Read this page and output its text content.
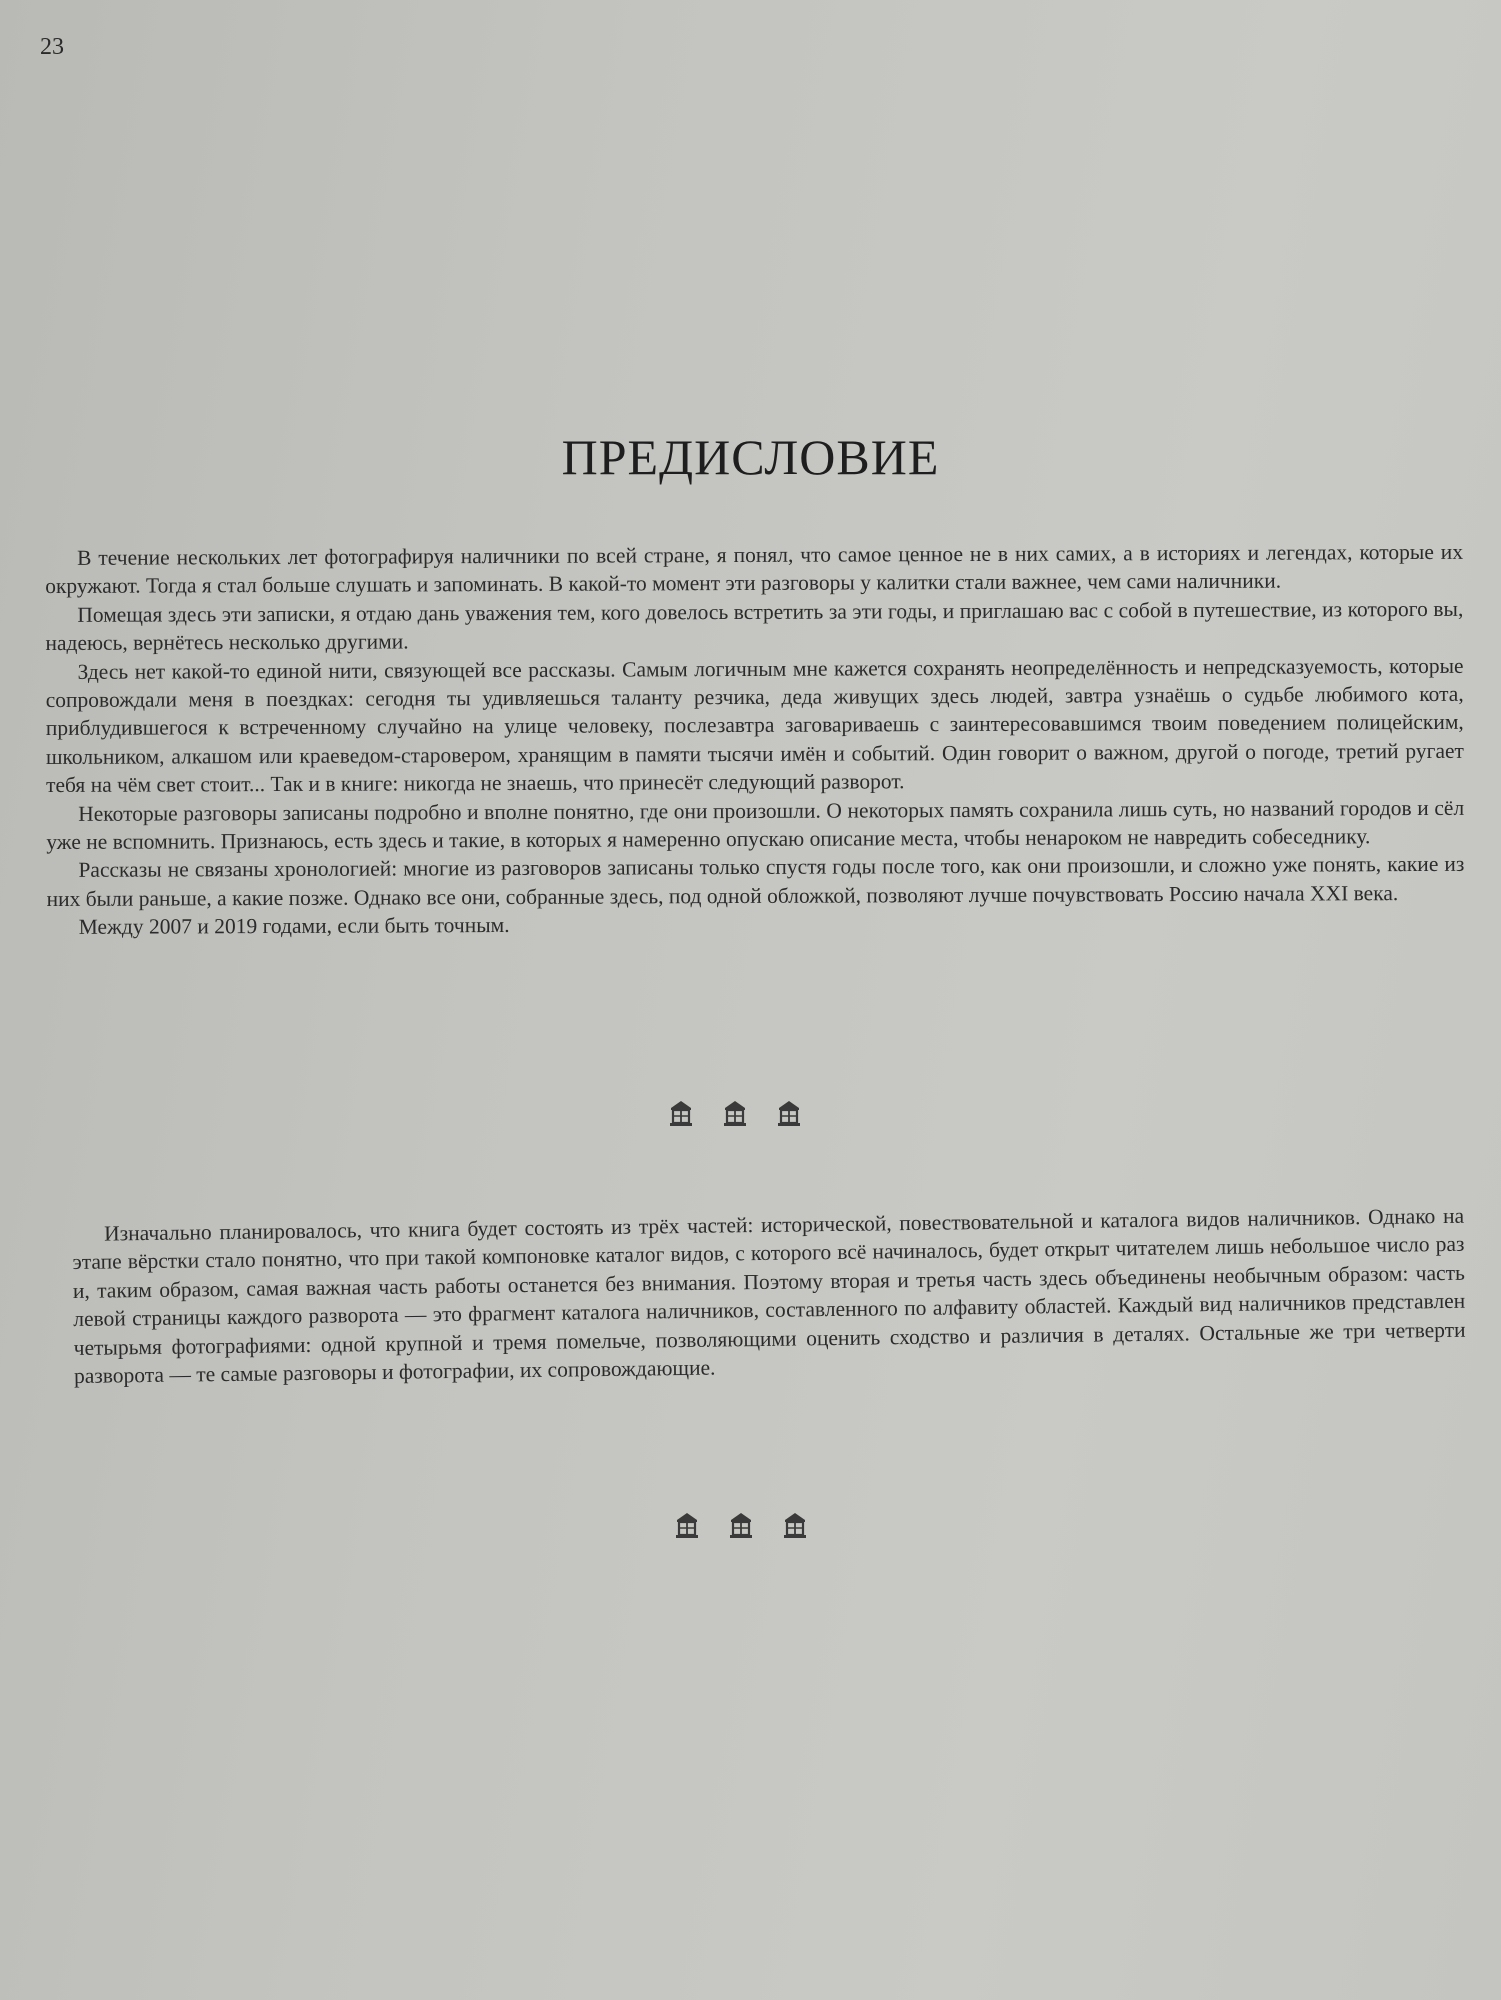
23
ПРЕДИСЛОВИЕ

В течение нескольких лет фотографируя наличники по всей стране, я понял, что самое ценное не в них самих, а в историях и легендах, которые их окружают. Тогда я стал больше слушать и запоминать. В какой-то момент эти разговоры у калитки стали важнее, чем сами наличники.

Помещая здесь эти записки, я отдаю дань уважения тем, кого довелось встретить за эти годы, и приглашаю вас с собой в путешествие, из которого вы, надеюсь, вернётесь несколько другими.

Здесь нет какой-то единой нити, связующей все рассказы. Самым логичным мне кажется сохранять неопределённость и непредсказуемость, которые сопровождали меня в поездках: сегодня ты удивляешься таланту резчика, деда живущих здесь людей, завтра узнаёшь о судьбе любимого кота, приблудившегося к встреченному случайно на улице человеку, послезавтра заговариваешь с заинтересовавшимся твоим поведением полицейским, школьником, алкашом или краеведом-старовером, хранящим в памяти тысячи имён и событий. Один говорит о важном, другой о погоде, третий ругает тебя на чём свет стоит... Так и в книге: никогда не знаешь, что принесёт следующий разворот.

Некоторые разговоры записаны подробно и вполне понятно, где они произошли. О некоторых память сохранила лишь суть, но названий городов и сёл уже не вспомнить. Признаюсь, есть здесь и такие, в которых я намеренно опускаю описание места, чтобы ненароком не навредить собеседнику.

Рассказы не связаны хронологией: многие из разговоров записаны только спустя годы после того, как они произошли, и сложно уже понять, какие из них были раньше, а какие позже. Однако все они, собранные здесь, под одной обложкой, позволяют лучше почувствовать Россию начала XXI века.

Между 2007 и 2019 годами, если быть точным.

Изначально планировалось, что книга будет состоять из трёх частей: исторической, повествовательной и каталога видов наличников. Однако на этапе вёрстки стало понятно, что при такой компоновке каталог видов, с которого всё начиналось, будет открыт читателем лишь небольшое число раз и, таким образом, самая важная часть работы останется без внимания. Поэтому вторая и третья часть здесь объединены необычным образом: часть левой страницы каждого разворота — это фрагмент каталога наличников, составленного по алфавиту областей. Каждый вид наличников представлен четырьмя фотографиями: одной крупной и тремя помельче, позволяющими оценить сходство и различия в деталях. Остальные же три четверти разворота — те самые разговоры и фотографии, их сопровождающие.
